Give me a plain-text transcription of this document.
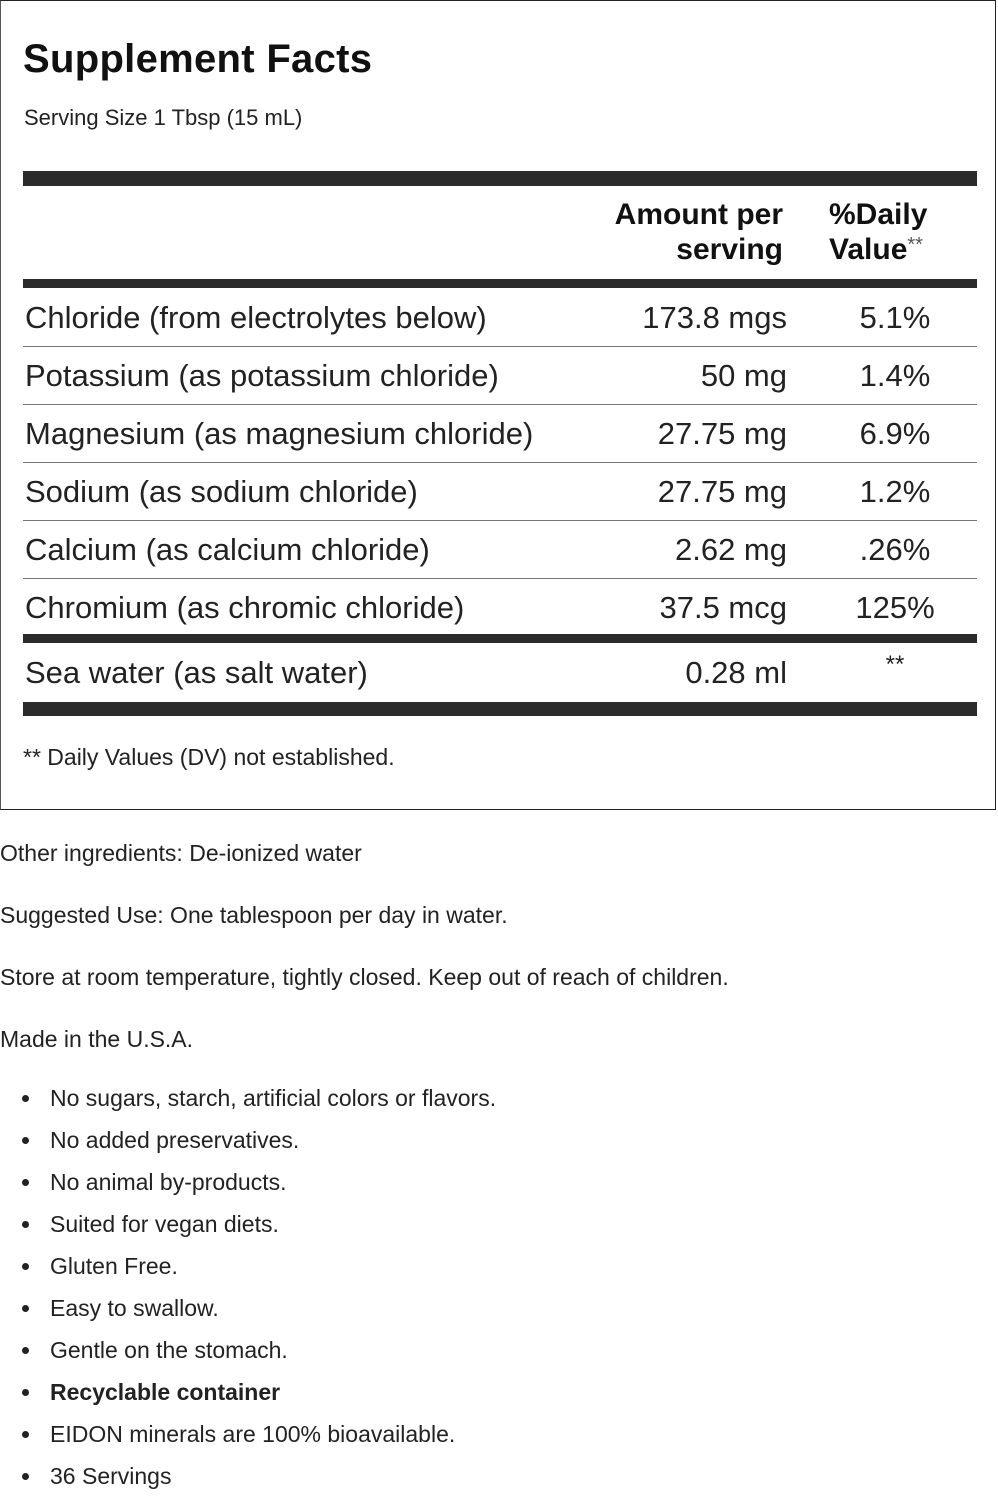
Supplement Facts
Serving Size 1 Tbsp (15 mL)
Amount per
serving
%Daily
Value**
Chloride (from electrolytes below)	173.8 mgs	5.1%
Potassium (as potassium chloride)	50 mg	1.4%
Magnesium (as magnesium chloride)	27.75 mg	6.9%
Sodium (as sodium chloride)	27.75 mg	1.2%
Calcium (as calcium chloride)	2.62 mg	.26%
Chromium (as chromic chloride)	37.5 mcg 125%
Sea water (as salt water)	0.28 ml	**
** Daily Values (DV) not established.
Other ingredients: De-ionized water
Suggested Use: One tablespoon per day in water.
Store at room temperature, tightly closed. Keep out of reach of children.
Made in the U.S.A.
No sugars, starch, artificial colors or flavors.
No added preservatives.
No animal by-products.
Suited for vegan diets.
Gluten Free.
Easy to swallow.
Gentle on the stomach.
Recyclable container
EIDON minerals are 100% bioavailable.
36 Servings
